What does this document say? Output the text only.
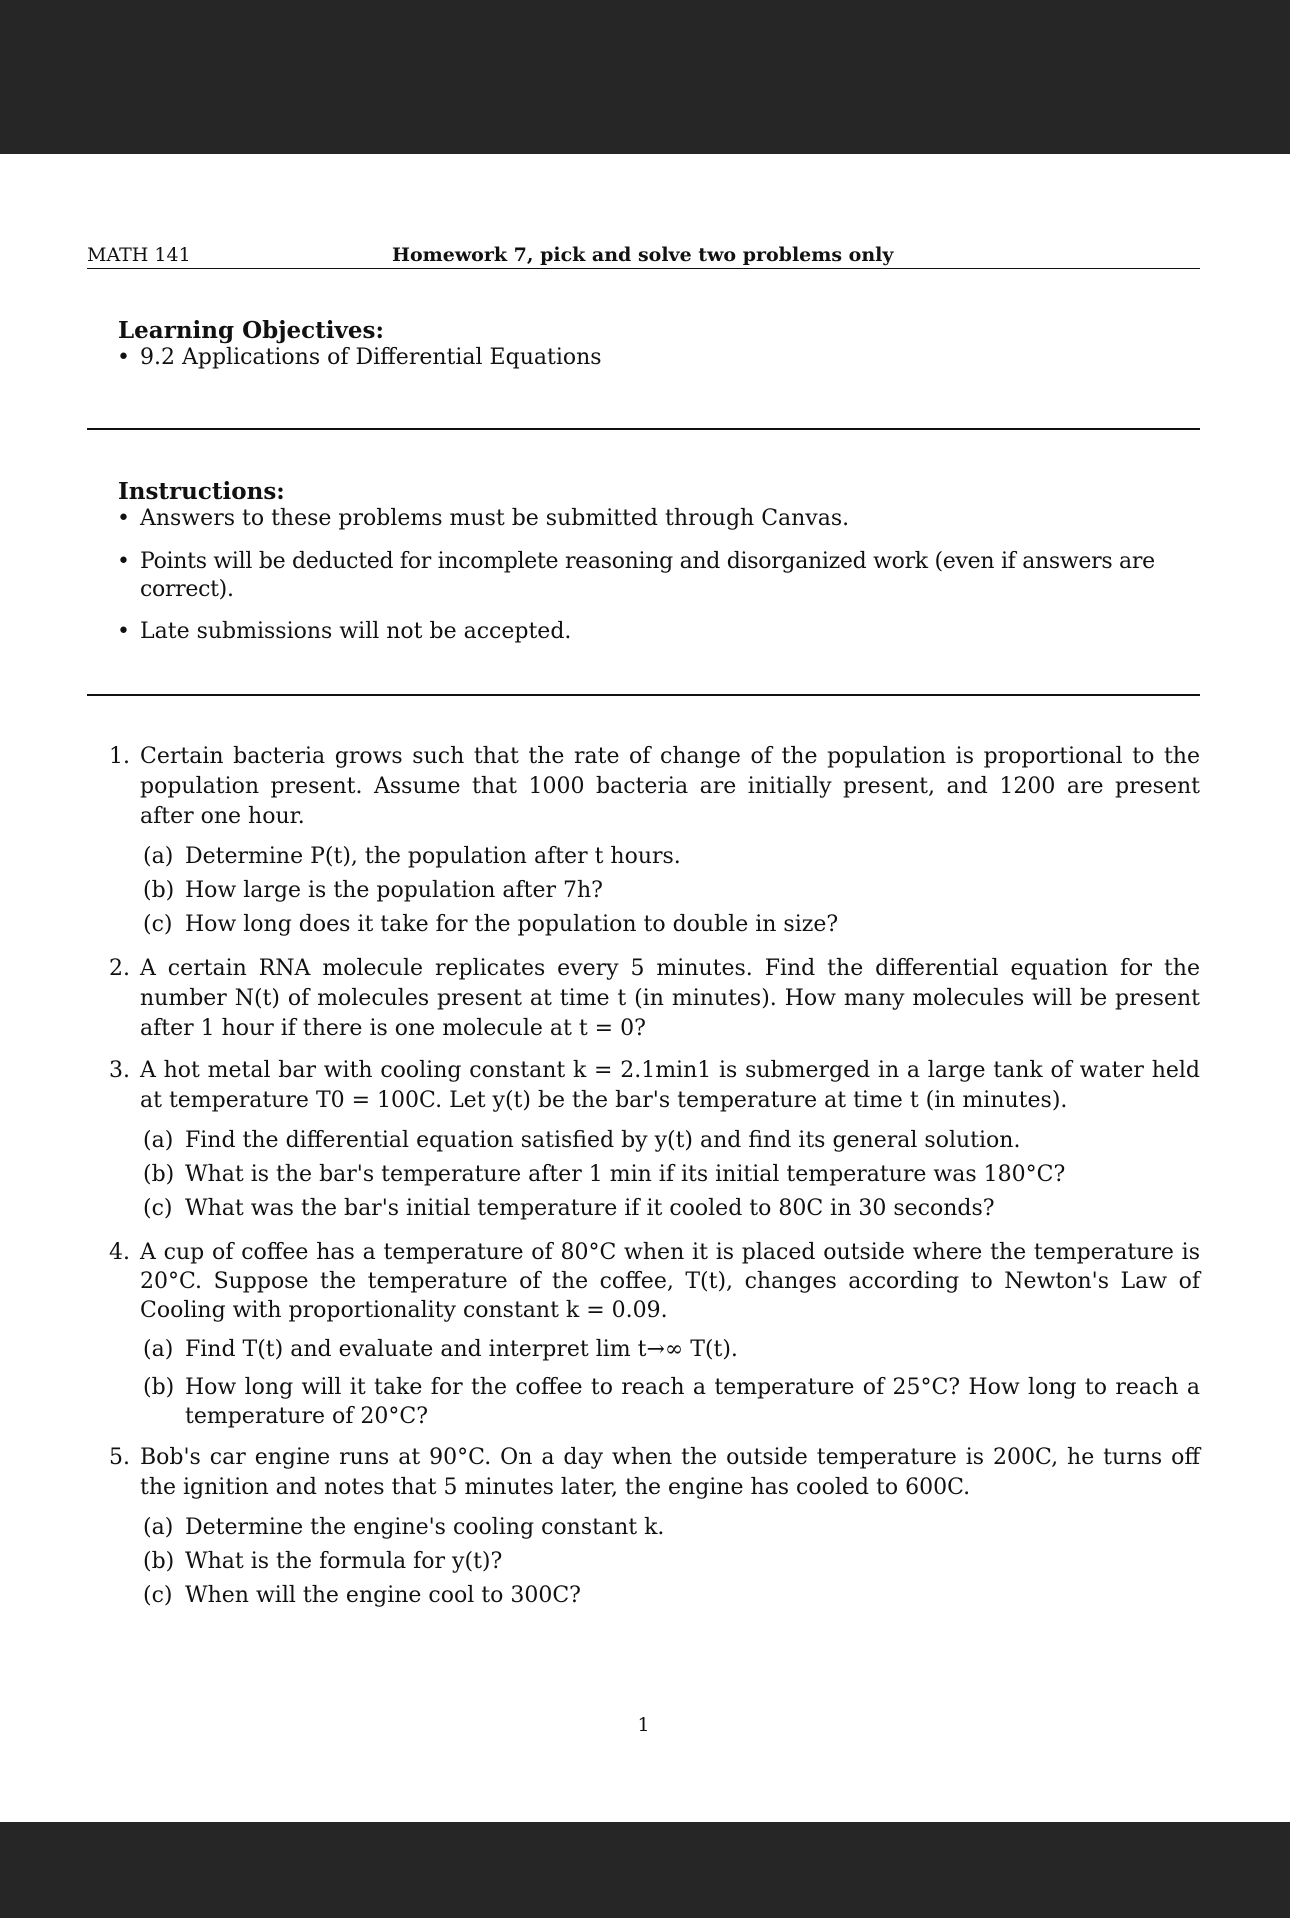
MATH 141	Homework 7, pick and solve two problems only
Learning Objectives:
• 9.2 Applications of Differential Equations
Instructions:
• Answers to these problems must be submitted through Canvas.
• Points will be deducted for incomplete reasoning and disorganized work (even if answers are correct).
• Late submissions will not be accepted.
1. Certain bacteria grows such that the rate of change of the population is proportional to the population present. Assume that 1000 bacteria are initially present, and 1200 are present after one hour.
(a) Determine P(t), the population after t hours.
(b) How large is the population after 7h?
(c) How long does it take for the population to double in size?
2. A certain RNA molecule replicates every 5 minutes. Find the differential equation for the number N(t) of molecules present at time t (in minutes). How many molecules will be present after 1 hour if there is one molecule at t = 0?
3. A hot metal bar with cooling constant k = 2.1min1 is submerged in a large tank of water held at temperature T0 = 100C. Let y(t) be the bar's temperature at time t (in minutes).
(a) Find the differential equation satisfied by y(t) and find its general solution.
(b) What is the bar's temperature after 1 min if its initial temperature was 180°C?
(c) What was the bar's initial temperature if it cooled to 80C in 30 seconds?
4. A cup of coffee has a temperature of 80°C when it is placed outside where the temperature is 20°C. Suppose the temperature of the coffee, T(t), changes according to Newton's Law of Cooling with proportionality constant k = 0.09.
(a) Find T(t) and evaluate and interpret lim t→∞ T(t).
(b) How long will it take for the coffee to reach a temperature of 25°C? How long to reach a temperature of 20°C?
5. Bob's car engine runs at 90°C. On a day when the outside temperature is 200C, he turns off the ignition and notes that 5 minutes later, the engine has cooled to 600C.
(a) Determine the engine's cooling constant k.
(b) What is the formula for y(t)?
(c) When will the engine cool to 300C?
1
